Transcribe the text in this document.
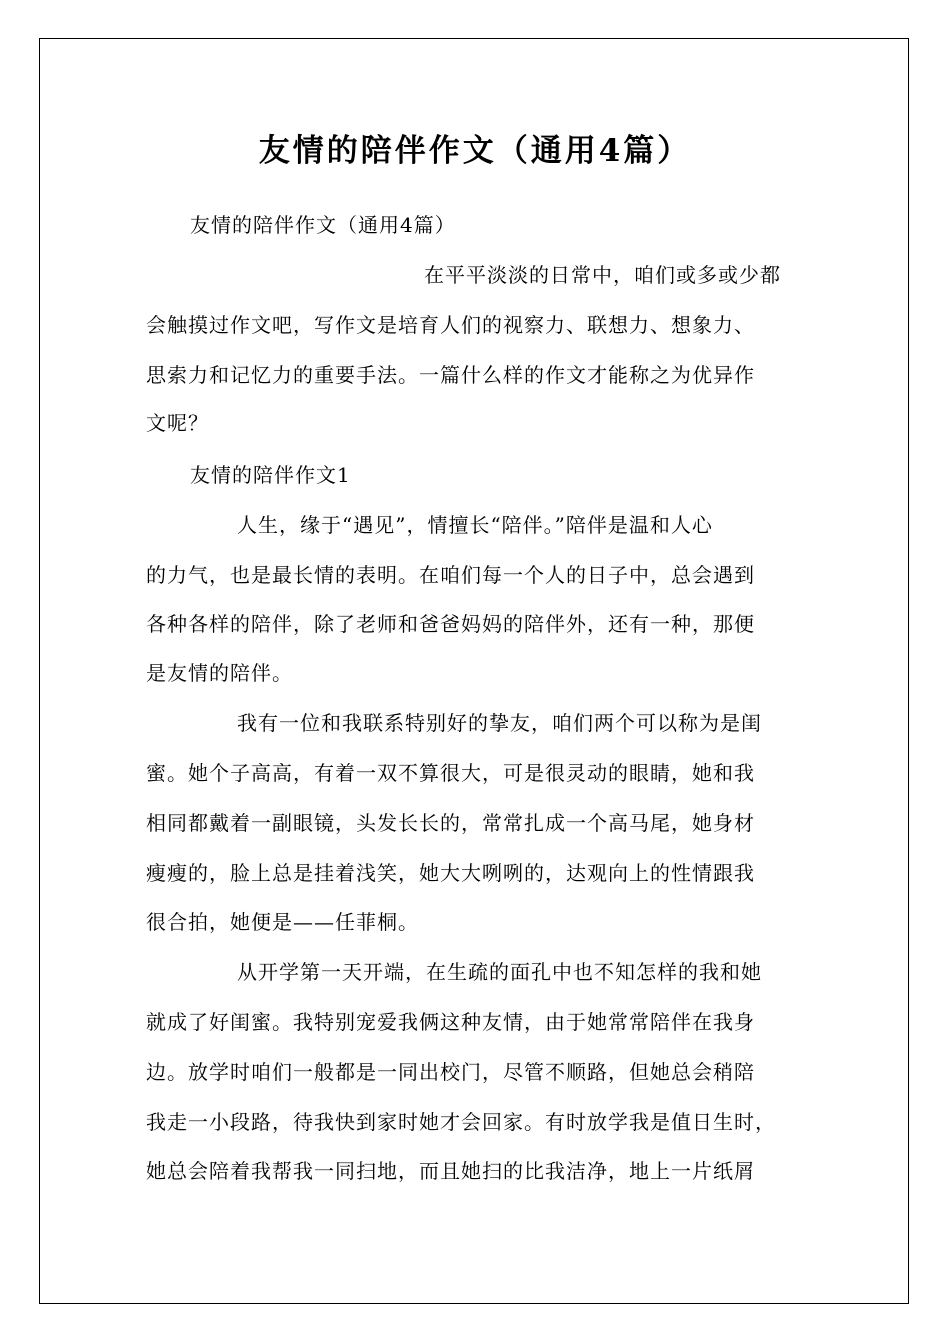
友情的陪伴作文（通用4篇）
友情的陪伴作文（通用4篇）
在平平淡淡的日常中，咱们或多或少都
会触摸过作文吧，写作文是培育人们的视察力、联想力、想象力、
思索力和记忆力的重要手法。一篇什么样的作文才能称之为优异作
文呢？
友情的陪伴作文1
人生，缘于“遇见”，情擅长“陪伴。”陪伴是温和人心
的力气，也是最长情的表明。在咱们每一个人的日子中，总会遇到
各种各样的陪伴，除了老师和爸爸妈妈的陪伴外，还有一种，那便
是友情的陪伴。
我有一位和我联系特别好的挚友，咱们两个可以称为是闺
蜜。她个子高高，有着一双不算很大，可是很灵动的眼睛，她和我
相同都戴着一副眼镜，头发长长的，常常扎成一个高马尾，她身材
瘦瘦的，脸上总是挂着浅笑，她大大咧咧的，达观向上的性情跟我
很合拍，她便是——任菲桐。
从开学第一天开端，在生疏的面孔中也不知怎样的我和她
就成了好闺蜜。我特别宠爱我俩这种友情，由于她常常陪伴在我身
边。放学时咱们一般都是一同出校门，尽管不顺路，但她总会稍陪
我走一小段路，待我快到家时她才会回家。有时放学我是值日生时，
她总会陪着我帮我一同扫地，而且她扫的比我洁净，地上一片纸屑
